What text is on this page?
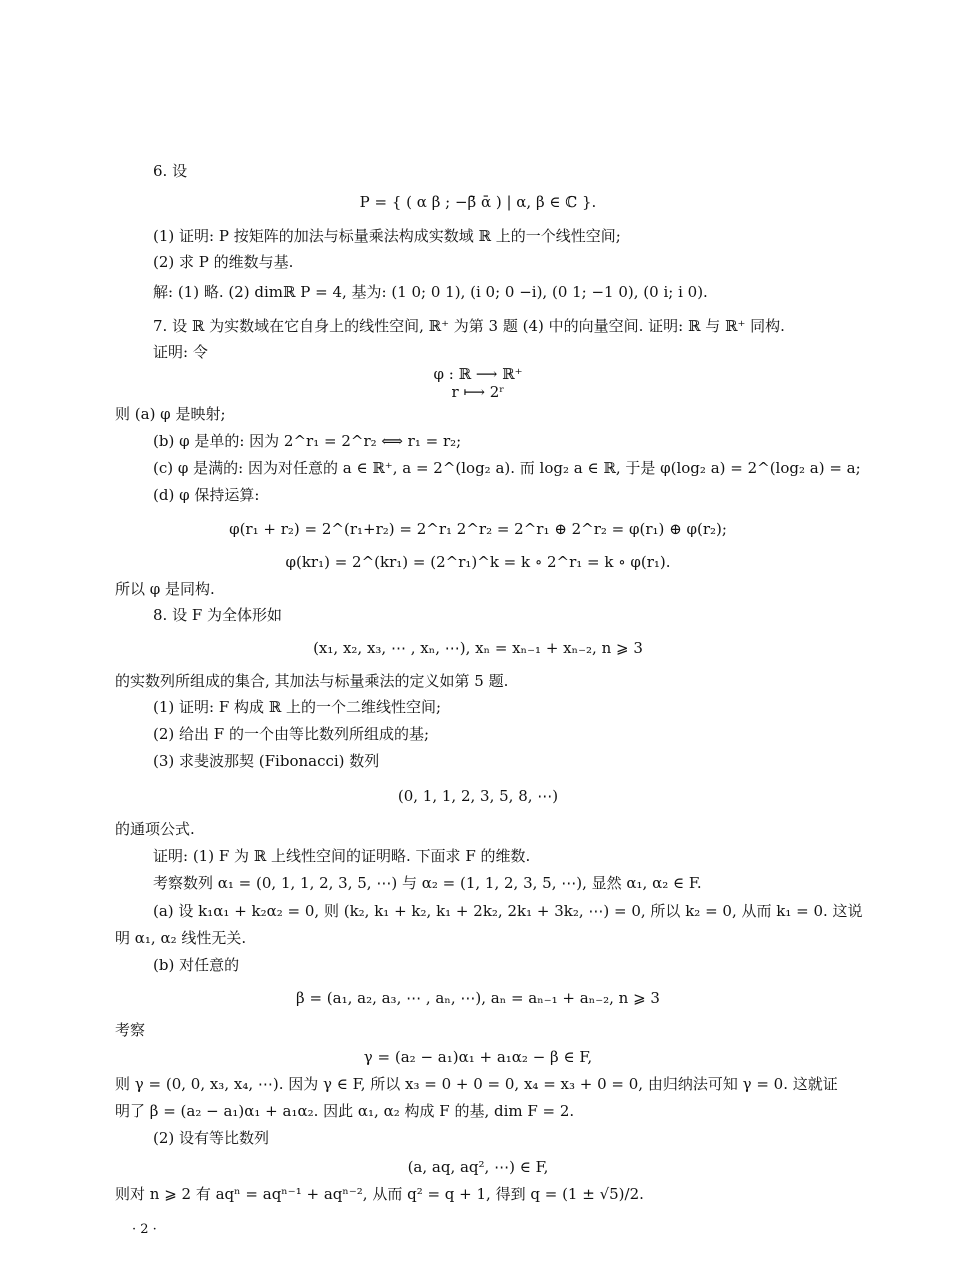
6. 设
P = { ( α β ; −β̄ ᾱ ) | α, β ∈ ℂ }.
(1) 证明: P 按矩阵的加法与标量乘法构成实数域 ℝ 上的一个线性空间;
(2) 求 P 的维数与基.
解: (1) 略. (2) dimℝ P = 4, 基为: (1 0; 0 1), (i 0; 0 −i), (0 1; −1 0), (0 i; i 0).
7. 设 ℝ 为实数域在它自身上的线性空间, ℝ⁺ 为第 3 题 (4) 中的向量空间. 证明: ℝ 与 ℝ⁺ 同构.
证明: 令
φ : ℝ ⟶ ℝ⁺
r ⟼ 2ʳ
则 (a) φ 是映射;
(b) φ 是单的: 因为 2^r₁ = 2^r₂ ⟺ r₁ = r₂;
(c) φ 是满的: 因为对任意的 a ∈ ℝ⁺, a = 2^(log₂ a). 而 log₂ a ∈ ℝ, 于是 φ(log₂ a) = 2^(log₂ a) = a;
(d) φ 保持运算:
φ(r₁ + r₂) = 2^(r₁+r₂) = 2^r₁ 2^r₂ = 2^r₁ ⊕ 2^r₂ = φ(r₁) ⊕ φ(r₂);
φ(kr₁) = 2^(kr₁) = (2^r₁)^k = k ∘ 2^r₁ = k ∘ φ(r₁).
所以 φ 是同构.
8. 设 F 为全体形如
(x₁, x₂, x₃, ⋯ , xₙ, ⋯), xₙ = xₙ₋₁ + xₙ₋₂, n ⩾ 3
的实数列所组成的集合, 其加法与标量乘法的定义如第 5 题.
(1) 证明: F 构成 ℝ 上的一个二维线性空间;
(2) 给出 F 的一个由等比数列所组成的基;
(3) 求斐波那契 (Fibonacci) 数列
(0, 1, 1, 2, 3, 5, 8, ⋯)
的通项公式.
证明: (1) F 为 ℝ 上线性空间的证明略. 下面求 F 的维数.
考察数列 α₁ = (0, 1, 1, 2, 3, 5, ⋯) 与 α₂ = (1, 1, 2, 3, 5, ⋯), 显然 α₁, α₂ ∈ F.
(a) 设 k₁α₁ + k₂α₂ = 0, 则 (k₂, k₁ + k₂, k₁ + 2k₂, 2k₁ + 3k₂, ⋯) = 0, 所以 k₂ = 0, 从而 k₁ = 0. 这说
明 α₁, α₂ 线性无关.
(b) 对任意的
β = (a₁, a₂, a₃, ⋯ , aₙ, ⋯), aₙ = aₙ₋₁ + aₙ₋₂, n ⩾ 3
考察
γ = (a₂ − a₁)α₁ + a₁α₂ − β ∈ F,
则 γ = (0, 0, x₃, x₄, ⋯). 因为 γ ∈ F, 所以 x₃ = 0 + 0 = 0, x₄ = x₃ + 0 = 0, 由归纳法可知 γ = 0. 这就证
明了 β = (a₂ − a₁)α₁ + a₁α₂. 因此 α₁, α₂ 构成 F 的基, dim F = 2.
(2) 设有等比数列
(a, aq, aq², ⋯) ∈ F,
则对 n ⩾ 2 有 aqⁿ = aqⁿ⁻¹ + aqⁿ⁻², 从而 q² = q + 1, 得到 q = (1 ± √5)/2.
· 2 ·
